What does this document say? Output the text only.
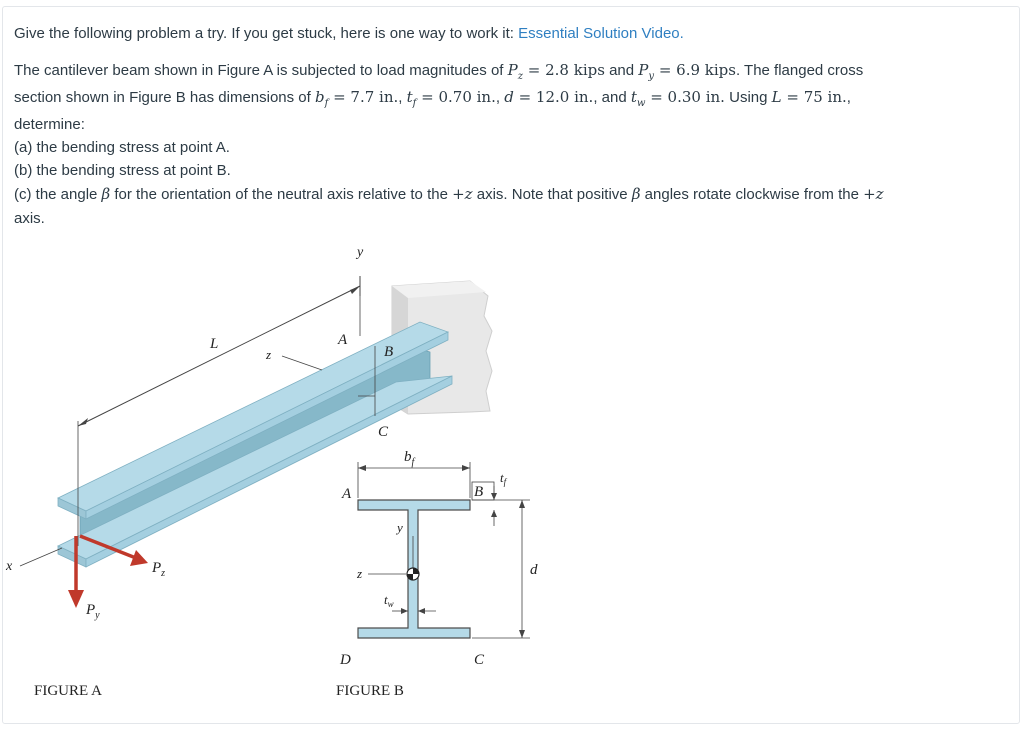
Give the following problem a try. If you get stuck, here is one way to work it: Essential Solution Video.
The cantilever beam shown in Figure A is subjected to load magnitudes of $P_z = 2.8$ kips and $P_y = 6.9$ kips. The flanged cross
section shown in Figure B has dimensions of $b_f = 7.7$ in., $t_f = 0.70$ in., d = 12.0 in., and $t_w = 0.30$ in. Using L = 75 in.,
determine:
(a) the bending stress at point A.
(b) the bending stress at point B.
(c) the angle β for the orientation of the neutral axis relative to the +z axis. Note that positive β angles rotate clockwise from the +z
axis.
L
y
z
A
B
C
x	$P_z$
$P_y$
FIGURE A
$b_f$
A	B
$t_f$
d
y
z
$t_w$
D	C
FIGURE B
